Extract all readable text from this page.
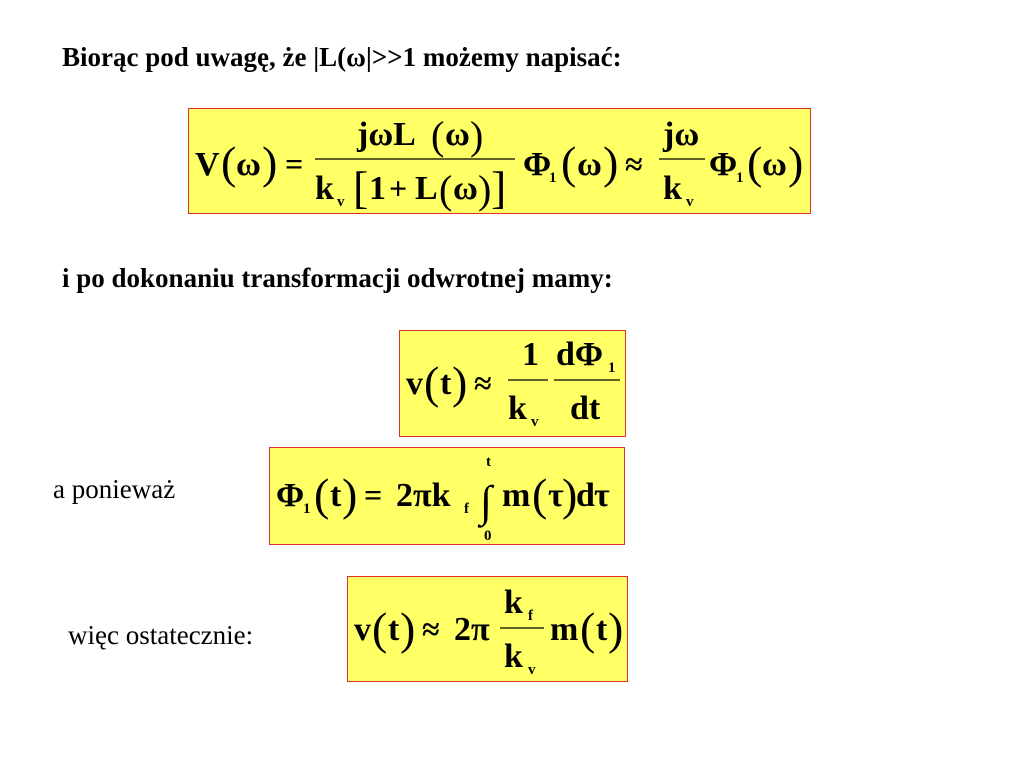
Biorąc pod uwagę, że |L(ω|>>1 możemy napisać:
V ( ω ) =
jωL ( ω )
k v [ 1 + L ( ω ) ] Φ
1 ( ω ) ≈
jω
k v
Φ
1 ( ω )
i po dokonaniu transformacji odwrotnej mamy:
v ( t ) ≈
1
k v
dΦ 1
dt
a ponieważ	Φ
1 ( t ) = 2πk f
t
∫
0
m ( τ
)
d τ
więc ostatecznie:	v ( t ) ≈ 2π
k f
k v
m ( t )
